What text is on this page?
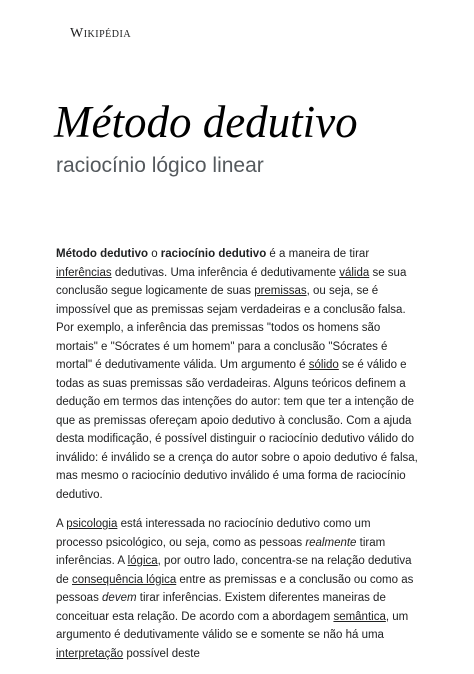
Wikipédia
Método dedutivo
raciocínio lógico linear

Método dedutivo o raciocínio dedutivo é a maneira de tirar inferências dedutivas. Uma inferência é dedutivamente válida se sua conclusão segue logicamente de suas premissas, ou seja, se é impossível que as premissas sejam verdadeiras e a conclusão falsa. Por exemplo, a inferência das premissas "todos os homens são mortais" e "Sócrates é um homem" para a conclusão "Sócrates é mortal" é dedutivamente válida. Um argumento é sólido se é válido e todas as suas premissas são verdadeiras. Alguns teóricos definem a dedução em termos das intenções do autor: tem que ter a intenção de que as premissas ofereçam apoio dedutivo à conclusão. Com a ajuda desta modificação, é possível distinguir o raciocínio dedutivo válido do inválido: é inválido se a crença do autor sobre o apoio dedutivo é falsa, mas mesmo o raciocínio dedutivo inválido é uma forma de raciocínio dedutivo.

A psicologia está interessada no raciocínio dedutivo como um processo psicológico, ou seja, como as pessoas realmente tiram inferências. A lógica, por outro lado, concentra-se na relação dedutiva de consequência lógica entre as premissas e a conclusão ou como as pessoas devem tirar inferências. Existem diferentes maneiras de conceituar esta relação. De acordo com a abordagem semântica, um argumento é dedutivamente válido se e somente se não há uma interpretação possível deste
